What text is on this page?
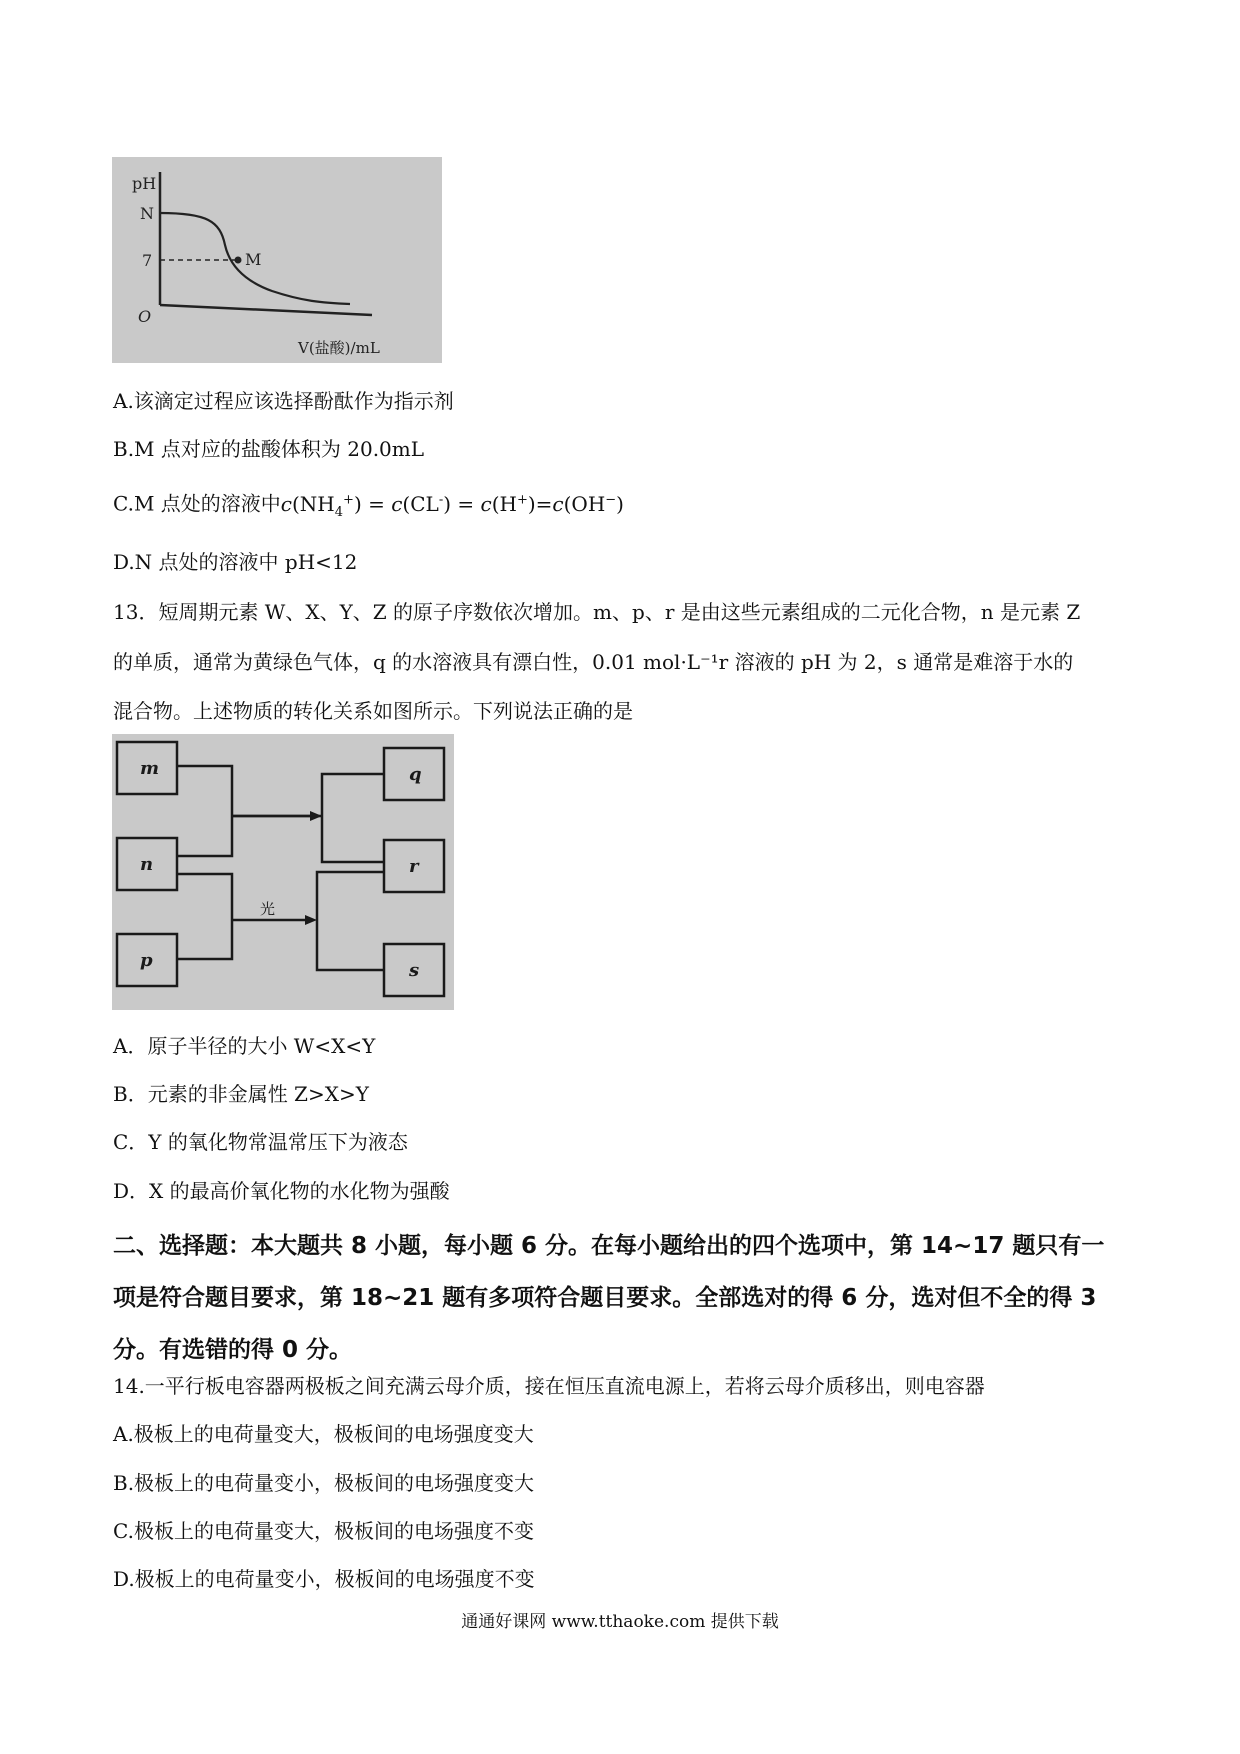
pH
N
7	M
O
V(盐酸)/mL
A.该滴定过程应该选择酚酞作为指示剂
B.M 点对应的盐酸体积为 20.0mL
C.M 点处的溶液中$c(NH_4^+) = c(CL^-) = c(H^+)=c(OH^-)$
D.N 点处的溶液中 pH<12
13．短周期元素 W、X、Y、Z 的原子序数依次增加。m、p、r 是由这些元素组成的二元化合物，n 是元素 Z
的单质，通常为黄绿色气体，q 的水溶液具有漂白性，0.01 mol·L⁻¹r 溶液的 pH 为 2，s 通常是难溶于水的
混合物。上述物质的转化关系如图所示。下列说法正确的是
m
n
p
q
r
s
光
A．原子半径的大小 W<X<Y
B．元素的非金属性 Z>X>Y
C．Y 的氧化物常温常压下为液态
D．X 的最高价氧化物的水化物为强酸
二、选择题：本大题共 8 小题，每小题 6 分。在每小题给出的四个选项中，第 14~17 题只有一
项是符合题目要求，第 18~21 题有多项符合题目要求。全部选对的得 6 分，选对但不全的得 3
分。有选错的得 0 分。
14.一平行板电容器两极板之间充满云母介质，接在恒压直流电源上，若将云母介质移出，则电容器
A.极板上的电荷量变大，极板间的电场强度变大
B.极板上的电荷量变小，极板间的电场强度变大
C.极板上的电荷量变大，极板间的电场强度不变
D.极板上的电荷量变小，极板间的电场强度不变
通通好课网 www.tthaoke.com 提供下载
